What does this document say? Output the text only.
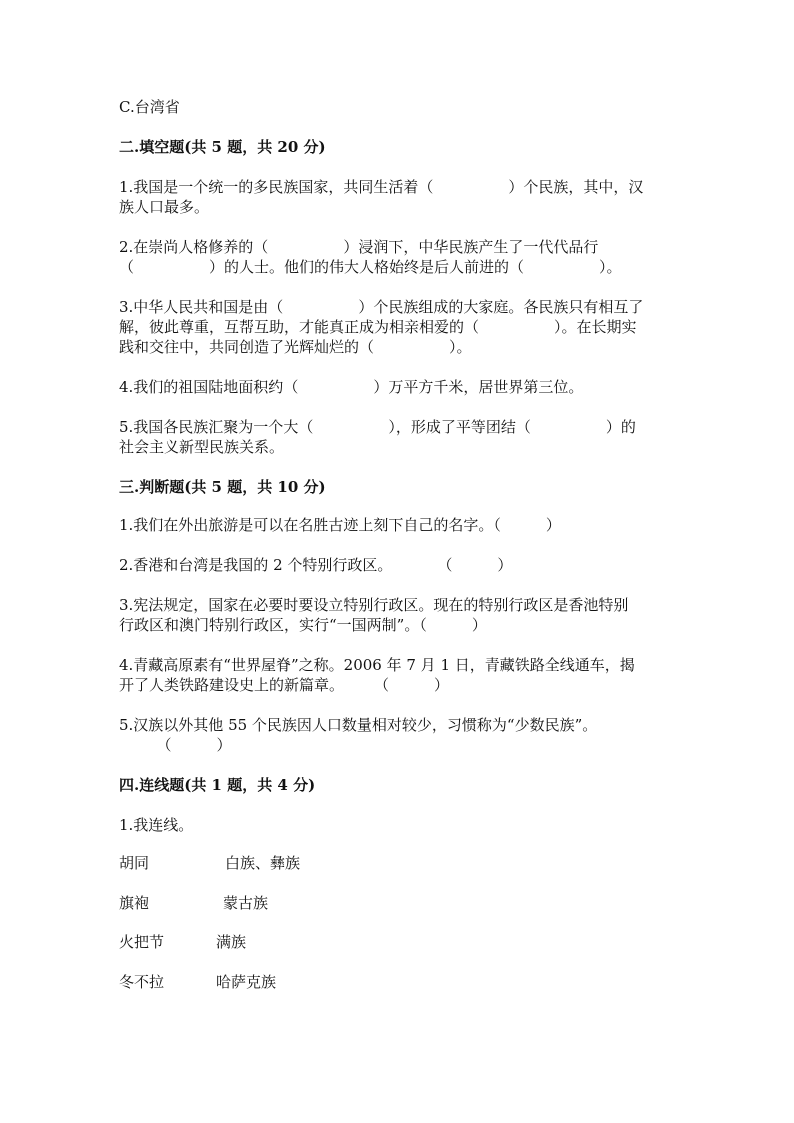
C.台湾省
二.填空题(共 5 题，共 20 分)
1.我国是一个统一的多民族国家，共同生活着（　　　　　）个民族，其中，汉
族人口最多。
2.在崇尚人格修养的（　　　　　）浸润下，中华民族产生了一代代品行
（　　　　　）的人士。他们的伟大人格始终是后人前进的（　　　　　）。
3.中华人民共和国是由（　　　　　）个民族组成的大家庭。各民族只有相互了
解，彼此尊重，互帮互助，才能真正成为相亲相爱的（　　　　　）。在长期实
践和交往中，共同创造了光辉灿烂的（　　　　　）。
4.我们的祖国陆地面积约（　　　　　）万平方千米，居世界第三位。
5.我国各民族汇聚为一个大（　　　　　），形成了平等团结（　　　　　）的
社会主义新型民族关系。
三.判断题(共 5 题，共 10 分)
1.我们在外出旅游是可以在名胜古迹上刻下自己的名字。（　　　）
2.香港和台湾是我国的 2 个特别行政区。　　　　（　　　）
3.宪法规定，国家在必要时要设立特别行政区。现在的特别行政区是香池特别
行政区和澳门特别行政区，实行“一国两制”。（　　　）
4.青藏高原素有“世界屋脊”之称。2006 年 7 月 1 日，青藏铁路全线通车，揭
开了人类铁路建设史上的新篇章。　　　（　　　）
5.汉族以外其他 55 个民族因人口数量相对较少，习惯称为“少数民族”。
　　　（　　　）
四.连线题(共 1 题，共 4 分)
1.我连线。
胡同	白族、彝族
旗袍	蒙古族
火把节	满族
冬不拉	哈萨克族
